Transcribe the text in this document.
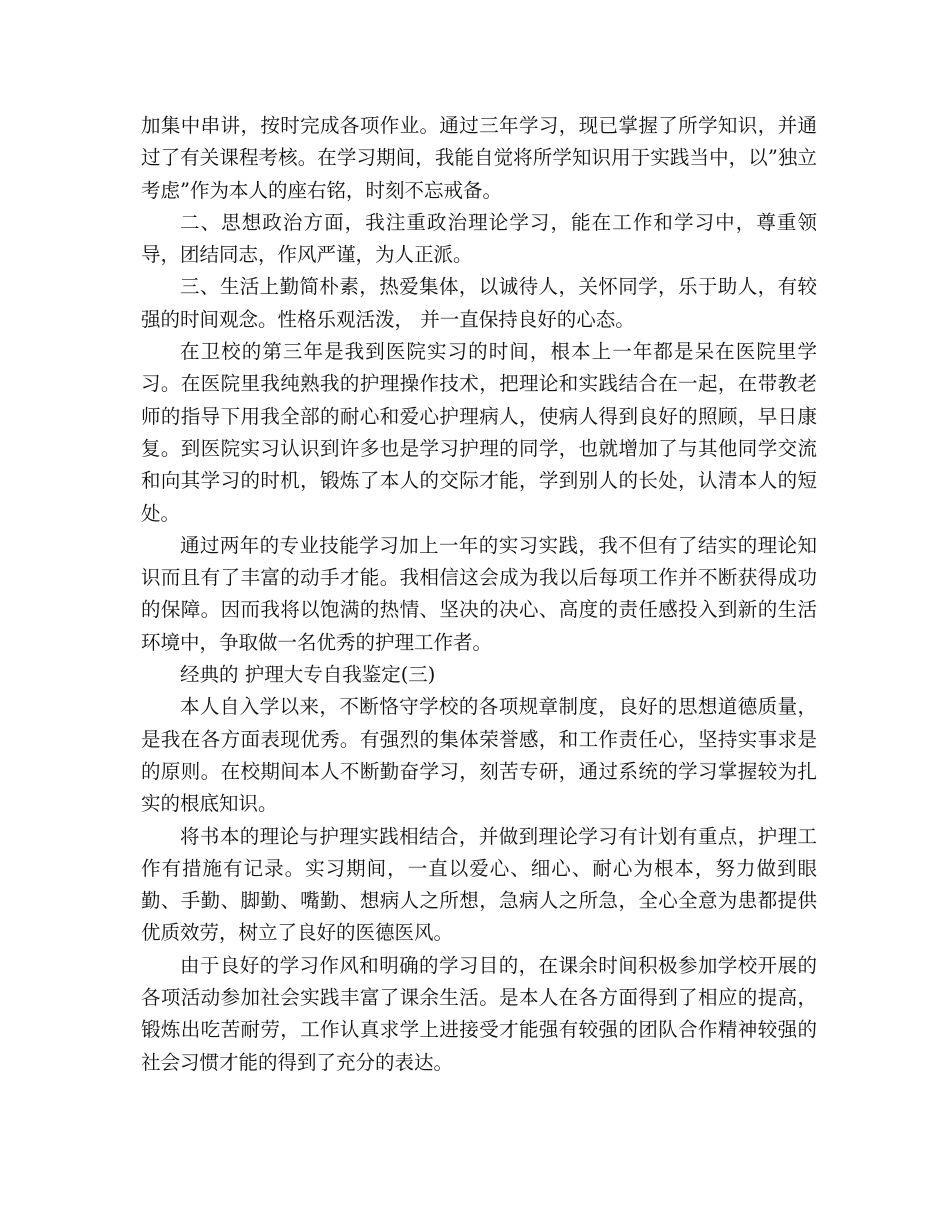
加集中串讲，按时完成各项作业。通过三年学习，现已掌握了所学知识，并通过了有关课程考核。在学习期间，我能自觉将所学知识用于实践当中，以”独立考虑”作为本人的座右铭，时刻不忘戒备。

二、思想政治方面，我注重政治理论学习，能在工作和学习中，尊重领导，团结同志，作风严谨，为人正派。

三、生活上勤简朴素，热爱集体，以诚待人，关怀同学，乐于助人，有较强的时间观念。性格乐观活泼， 并一直保持良好的心态。

在卫校的第三年是我到医院实习的时间，根本上一年都是呆在医院里学习。在医院里我纯熟我的护理操作技术，把理论和实践结合在一起，在带教老师的指导下用我全部的耐心和爱心护理病人，使病人得到良好的照顾，早日康复。到医院实习认识到许多也是学习护理的同学，也就增加了与其他同学交流和向其学习的时机，锻炼了本人的交际才能，学到别人的长处，认清本人的短处。

通过两年的专业技能学习加上一年的实习实践，我不但有了结实的理论知识而且有了丰富的动手才能。我相信这会成为我以后每项工作并不断获得成功的保障。因而我将以饱满的热情、坚决的决心、高度的责任感投入到新的生活环境中，争取做一名优秀的护理工作者。

经典的 护理大专自我鉴定(三)

本人自入学以来，不断恪守学校的各项规章制度，良好的思想道德质量，是我在各方面表现优秀。有强烈的集体荣誉感，和工作责任心，坚持实事求是的原则。在校期间本人不断勤奋学习，刻苦专研，通过系统的学习掌握较为扎实的根底知识。

将书本的理论与护理实践相结合，并做到理论学习有计划有重点，护理工作有措施有记录。实习期间，一直以爱心、细心、耐心为根本，努力做到眼勤、手勤、脚勤、嘴勤、想病人之所想，急病人之所急，全心全意为患都提供优质效劳，树立了良好的医德医风。

由于良好的学习作风和明确的学习目的，在课余时间积极参加学校开展的各项活动参加社会实践丰富了课余生活。是本人在各方面得到了相应的提高，锻炼出吃苦耐劳，工作认真求学上进接受才能强有较强的团队合作精神较强的社会习惯才能的得到了充分的表达。
